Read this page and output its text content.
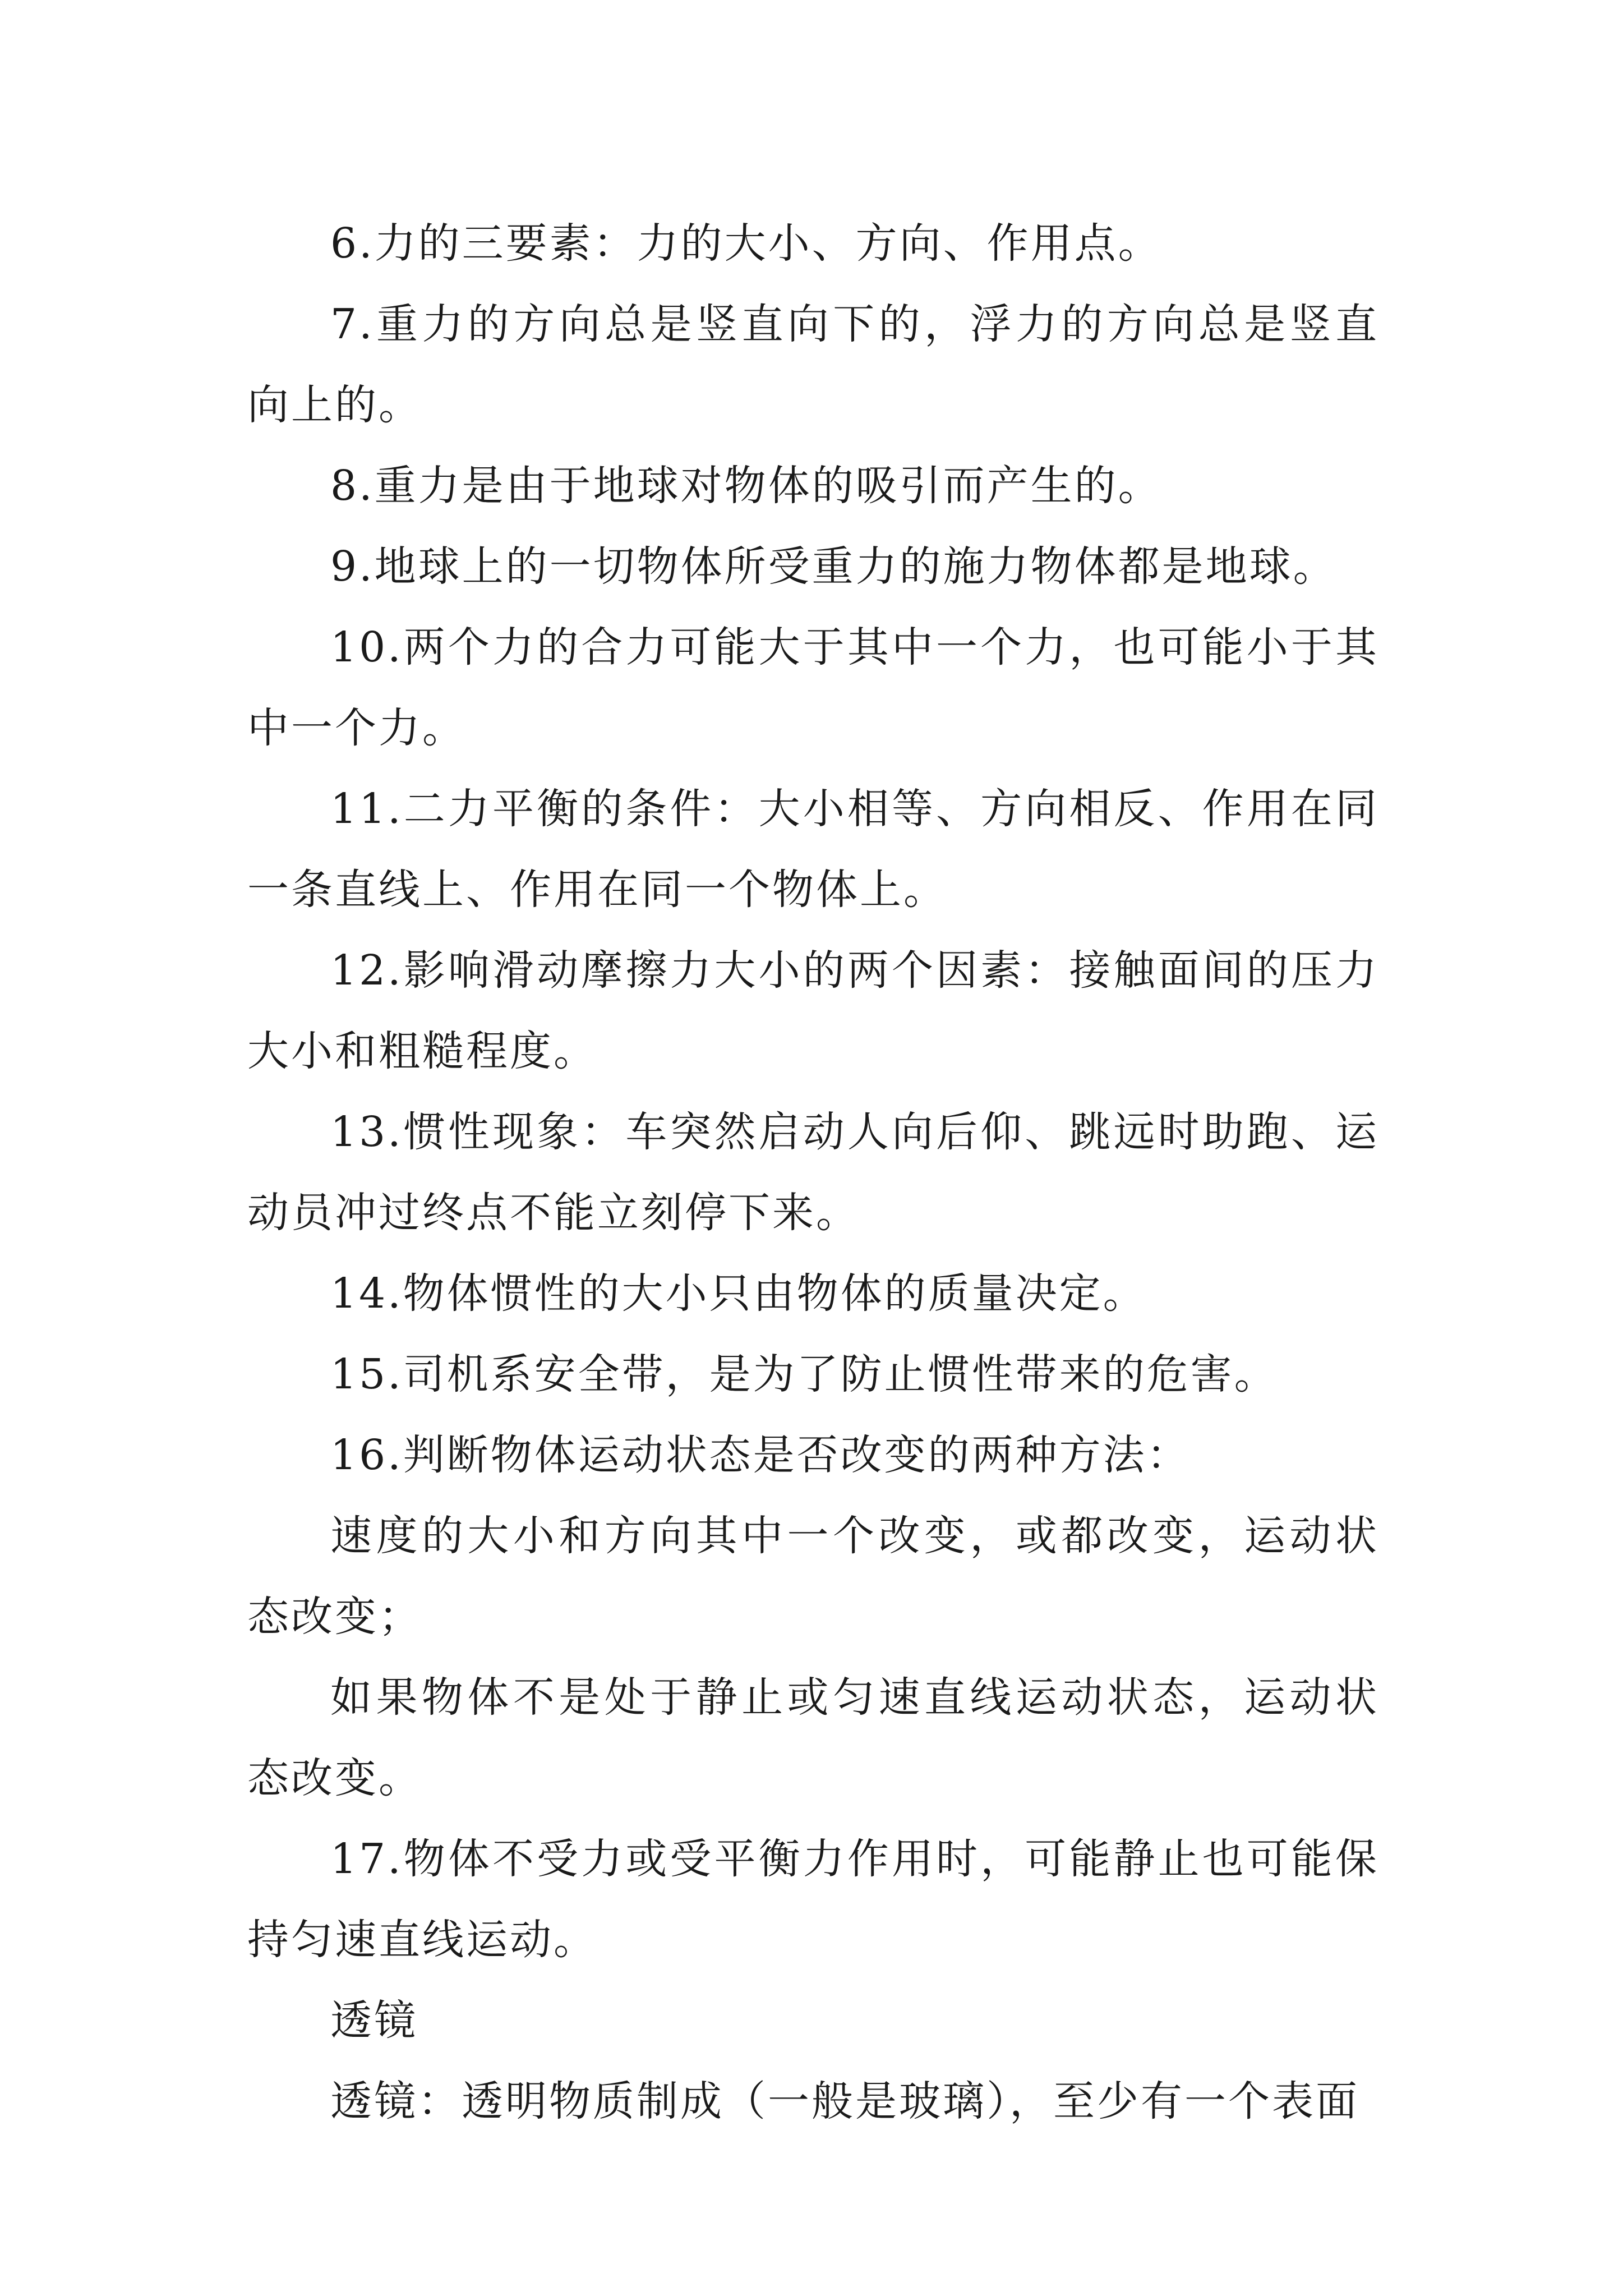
6.力的三要素：力的大小、方向、作用点。

7.重力的方向总是竖直向下的，浮力的方向总是竖直向上的。

8.重力是由于地球对物体的吸引而产生的。

9.地球上的一切物体所受重力的施力物体都是地球。

10.两个力的合力可能大于其中一个力，也可能小于其中一个力。

11.二力平衡的条件：大小相等、方向相反、作用在同一条直线上、作用在同一个物体上。

12.影响滑动摩擦力大小的两个因素：接触面间的压力大小和粗糙程度。

13.惯性现象：车突然启动人向后仰、跳远时助跑、运动员冲过终点不能立刻停下来。

14.物体惯性的大小只由物体的质量决定。

15.司机系安全带，是为了防止惯性带来的危害。

16.判断物体运动状态是否改变的两种方法：

速度的大小和方向其中一个改变，或都改变，运动状态改变；

如果物体不是处于静止或匀速直线运动状态，运动状态改变。

17.物体不受力或受平衡力作用时，可能静止也可能保持匀速直线运动。

透镜

透镜：透明物质制成（一般是玻璃），至少有一个表面
